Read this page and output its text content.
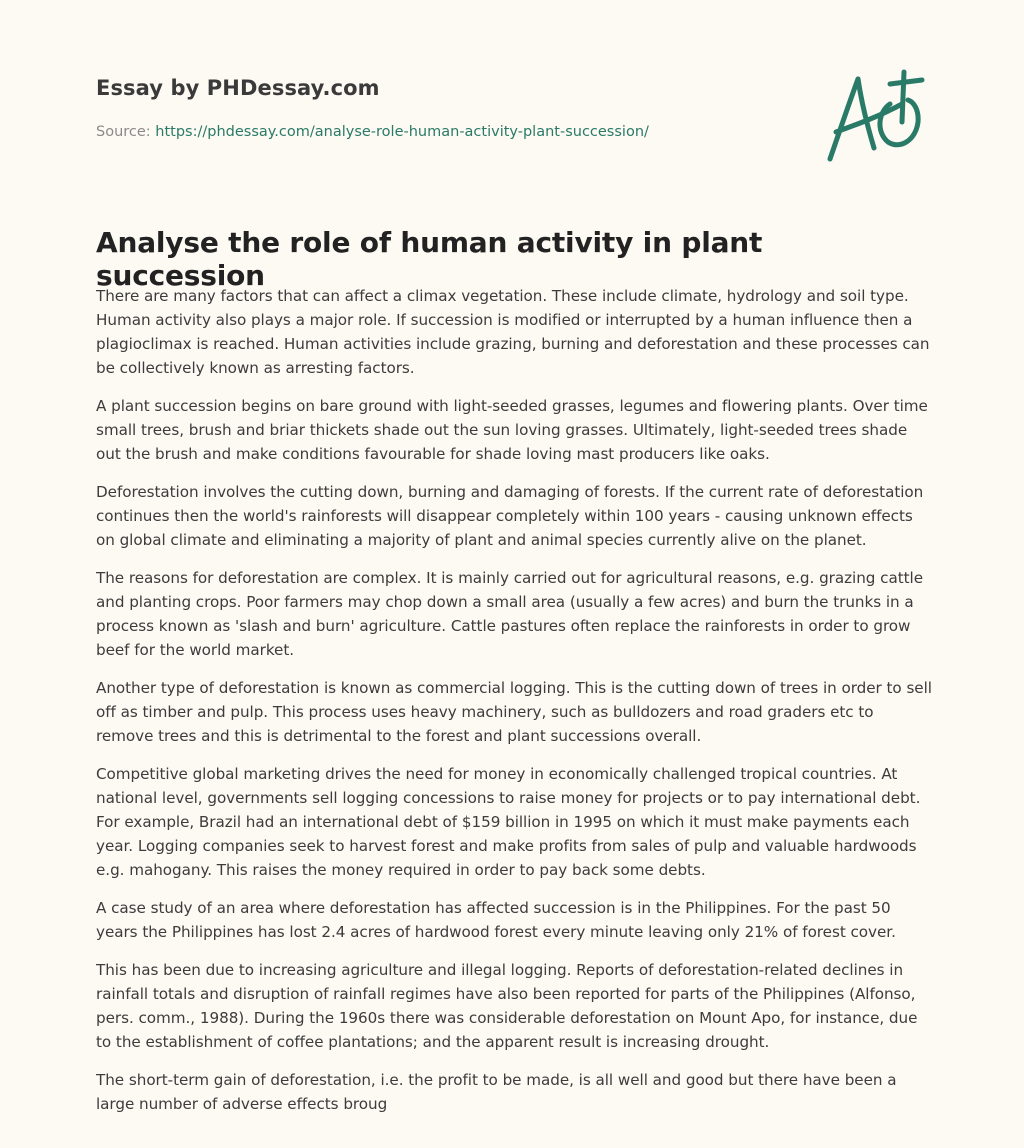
Essay by PHDessay.com

Source: https://phdessay.com/analyse-role-human-activity-plant-succession/

Analyse the role of human activity in plant succession

There are many factors that can affect a climax vegetation. These include climate, hydrology and soil type. Human activity also plays a major role. If succession is modified or interrupted by a human influence then a plagioclimax is reached. Human activities include grazing, burning and deforestation and these processes can be collectively known as arresting factors.

A plant succession begins on bare ground with light-seeded grasses, legumes and flowering plants. Over time small trees, brush and briar thickets shade out the sun loving grasses. Ultimately, light-seeded trees shade out the brush and make conditions favourable for shade loving mast producers like oaks.

Deforestation involves the cutting down, burning and damaging of forests. If the current rate of deforestation continues then the world's rainforests will disappear completely within 100 years - causing unknown effects on global climate and eliminating a majority of plant and animal species currently alive on the planet.

The reasons for deforestation are complex. It is mainly carried out for agricultural reasons, e.g. grazing cattle and planting crops. Poor farmers may chop down a small area (usually a few acres) and burn the trunks in a process known as 'slash and burn' agriculture. Cattle pastures often replace the rainforests in order to grow beef for the world market.

Another type of deforestation is known as commercial logging. This is the cutting down of trees in order to sell off as timber and pulp. This process uses heavy machinery, such as bulldozers and road graders etc to remove trees and this is detrimental to the forest and plant successions overall.

Competitive global marketing drives the need for money in economically challenged tropical countries. At national level, governments sell logging concessions to raise money for projects or to pay international debt. For example, Brazil had an international debt of $159 billion in 1995 on which it must make payments each year. Logging companies seek to harvest forest and make profits from sales of pulp and valuable hardwoods e.g. mahogany. This raises the money required in order to pay back some debts.

A case study of an area where deforestation has affected succession is in the Philippines. For the past 50 years the Philippines has lost 2.4 acres of hardwood forest every minute leaving only 21% of forest cover.

This has been due to increasing agriculture and illegal logging. Reports of deforestation-related declines in rainfall totals and disruption of rainfall regimes have also been reported for parts of the Philippines (Alfonso, pers. comm., 1988). During the 1960s there was considerable deforestation on Mount Apo, for instance, due to the establishment of coffee plantations; and the apparent result is increasing drought.

The short-term gain of deforestation, i.e. the profit to be made, is all well and good but there have been a large number of adverse effects broug
